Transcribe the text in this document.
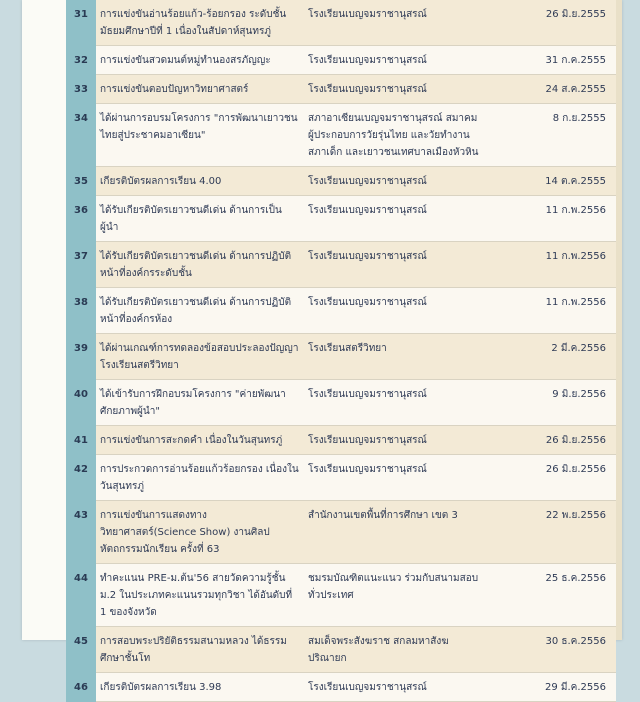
31	การแข่งขันอ่านร้อยแก้ว-ร้อยกรอง ระดับชั้นมัธยมศึกษาปีที่ 1 เนื่องในสัปดาห์สุนทรภู่	โรงเรียนเบญจมราชานุสรณ์	26 มิ.ย.2555
32	การแข่งขันสวดมนต์หมู่ทำนองสรภัญญะ	โรงเรียนเบญจมราชานุสรณ์	31 ก.ค.2555
33	การแข่งขันตอบปัญหาวิทยาศาสตร์	โรงเรียนเบญจมราชานุสรณ์	24 ส.ค.2555
34	ได้ผ่านการอบรมโครงการ "การพัฒนาเยาวชนไทยสู่ประชาคมอาเซียน"	สภาอาเซียนเบญจมราชานุสรณ์ สมาคมผู้ประกอบการวัยรุ่นไทย และวัยทำงาน สภาเด็ก และเยาวชนเทศบาลเมืองหัวหิน	8 ก.ย.2555
35	เกียรติบัตรผลการเรียน 4.00	โรงเรียนเบญจมราชานุสรณ์	14 ต.ค.2555
36	ได้รับเกียรติบัตรเยาวชนดีเด่น ด้านการเป็นผู้นำ	โรงเรียนเบญจมราชานุสรณ์	11 ก.พ.2556
37	ได้รับเกียรติบัตรเยาวชนดีเด่น ด้านการปฏิบัติหน้าที่องค์กรระดับชั้น	โรงเรียนเบญจมราชานุสรณ์	11 ก.พ.2556
38	ได้รับเกียรติบัตรเยาวชนดีเด่น ด้านการปฏิบัติหน้าที่องค์กรห้อง	โรงเรียนเบญจมราชานุสรณ์	11 ก.พ.2556
39	ได้ผ่านเกณฑ์การทดลองข้อสอบประลองปัญญาโรงเรียนสตรีวิทยา	โรงเรียนสตรีวิทยา	2 มี.ค.2556
40	ได้เข้ารับการฝึกอบรมโครงการ "ค่ายพัฒนาศักยภาพผู้นำ"	โรงเรียนเบญจมราชานุสรณ์	9 มิ.ย.2556
41	การแข่งขันการสะกดคำ เนื่องในวันสุนทรภู่	โรงเรียนเบญจมราชานุสรณ์	26 มิ.ย.2556
42	การประกวดการอ่านร้อยแก้วร้อยกรอง เนื่องในวันสุนทรภู่	โรงเรียนเบญจมราชานุสรณ์	26 มิ.ย.2556
43	การแข่งขันการแสดงทางวิทยาศาสตร์(Science Show) งานศิลปหัตถกรรมนักเรียน ครั้งที่ 63	สำนักงานเขตพื้นที่การศึกษา เขต 3	22 พ.ย.2556
44	ทำคะแนน PRE-ม.ต้น'56 สายวัดความรู้ชั้น ม.2 ในประเภทคะแนนรวมทุกวิชา ได้อันดับที่ 1 ของจังหวัด	ชมรมบัณฑิตแนะแนว ร่วมกับสนามสอบทั่วประเทศ	25 ธ.ค.2556
45	การสอบพระปริยัติธรรมสนามหลวง ได้ธรรมศึกษาชั้นโท	สมเด็จพระสังฆราช สกลมหาสังฆปริณายก	30 ธ.ค.2556
46	เกียรติบัตรผลการเรียน 3.98	โรงเรียนเบญจมราชานุสรณ์	29 มี.ค.2556
